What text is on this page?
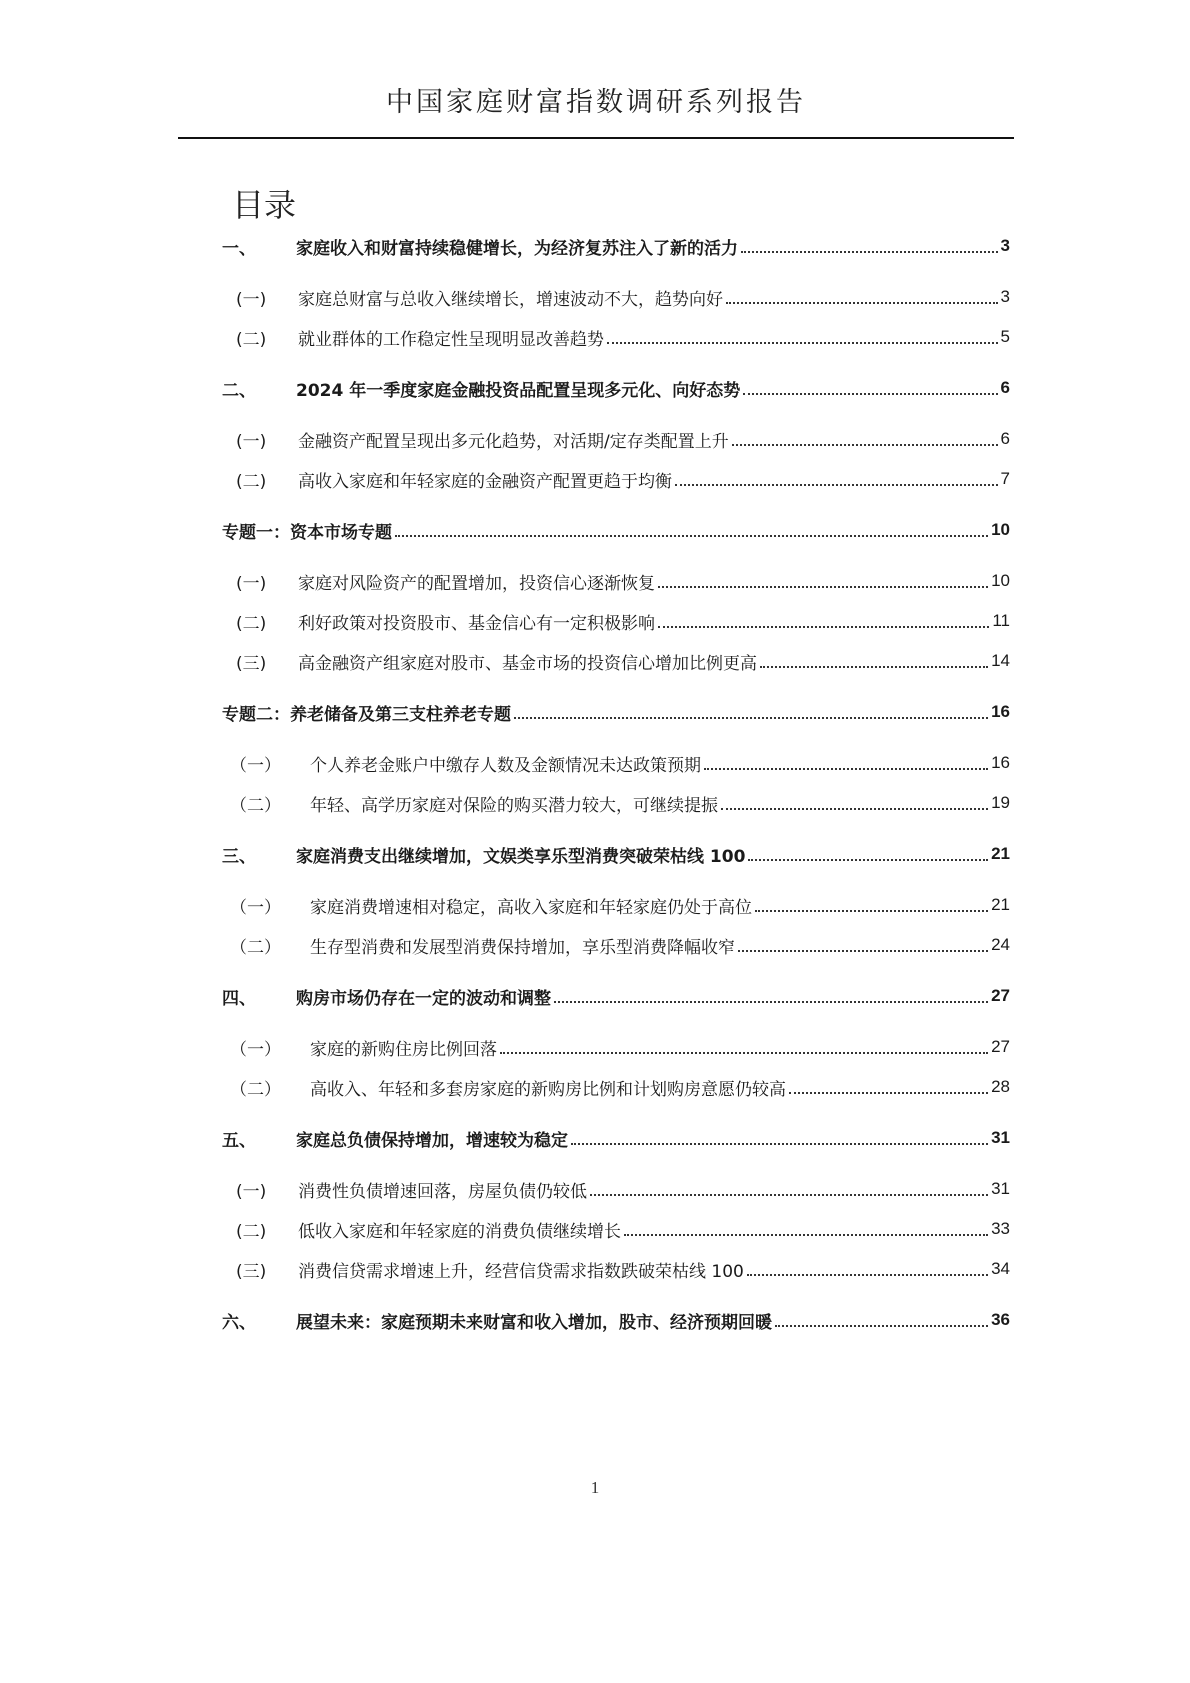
中国家庭财富指数调研系列报告
目录
一、	家庭收入和财富持续稳健增长，为经济复苏注入了新的活力	3
(一)	家庭总财富与总收入继续增长，增速波动不大，趋势向好	3
(二)	就业群体的工作稳定性呈现明显改善趋势	5
二、	2024 年一季度家庭金融投资品配置呈现多元化、向好态势	6
(一)	金融资产配置呈现出多元化趋势，对活期/定存类配置上升	6
(二)	高收入家庭和年轻家庭的金融资产配置更趋于均衡	7
专题一： 资本市场专题	10
(一)	家庭对风险资产的配置增加，投资信心逐渐恢复	10
(二)	利好政策对投资股市、基金信心有一定积极影响	11
(三)	高金融资产组家庭对股市、基金市场的投资信心增加比例更高	14
专题二： 养老储备及第三支柱养老专题	16
（一）	个人养老金账户中缴存人数及金额情况未达政策预期	16
（二）	年轻、高学历家庭对保险的购买潜力较大，可继续提振	19
三、	家庭消费支出继续增加，文娱类享乐型消费突破荣枯线 100	21
（一）	家庭消费增速相对稳定，高收入家庭和年轻家庭仍处于高位	21
（二）	生存型消费和发展型消费保持增加，享乐型消费降幅收窄	24
四、	购房市场仍存在一定的波动和调整	27
（一）	家庭的新购住房比例回落	27
（二）	高收入、年轻和多套房家庭的新购房比例和计划购房意愿仍较高	28
五、	家庭总负债保持增加，增速较为稳定	31
(一)	消费性负债增速回落，房屋负债仍较低	31
(二)	低收入家庭和年轻家庭的消费负债继续增长	33
(三)	消费信贷需求增速上升，经营信贷需求指数跌破荣枯线 100	34
六、	展望未来：家庭预期未来财富和收入增加，股市、经济预期回暖	36
1
